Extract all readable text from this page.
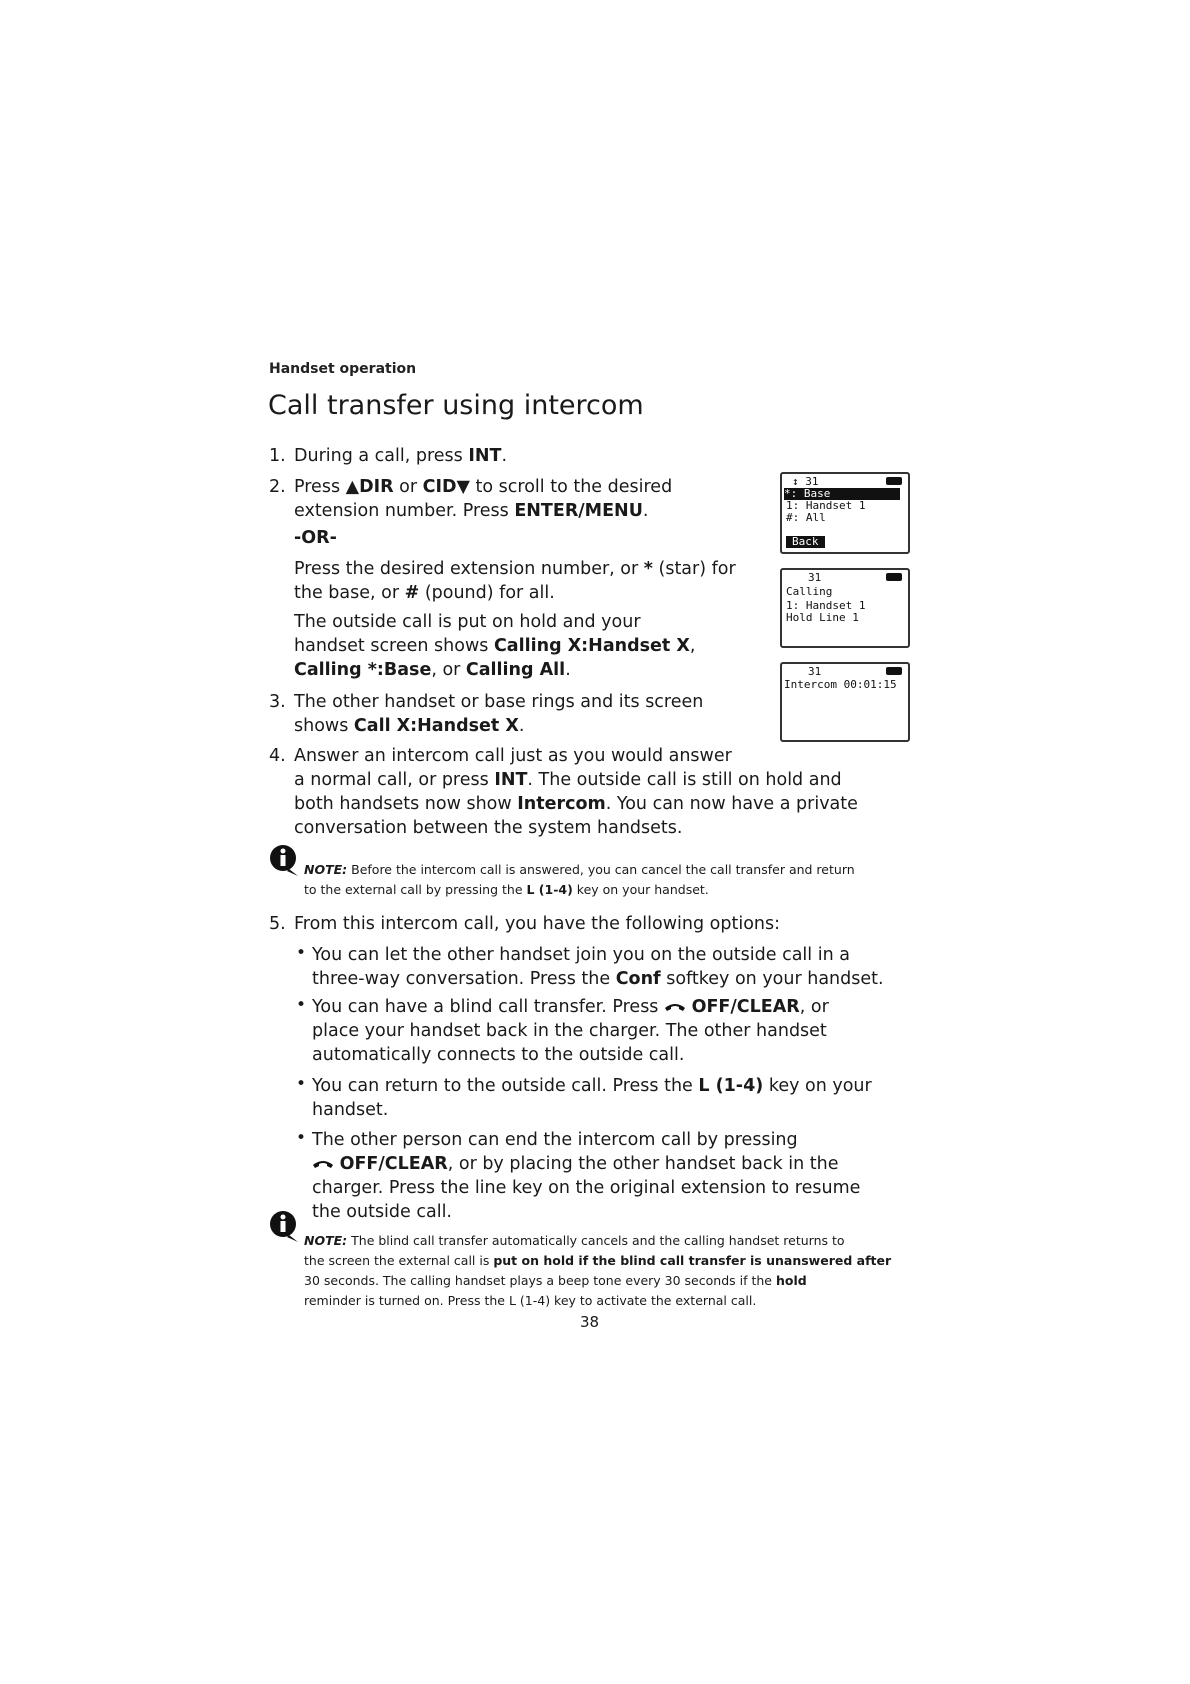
Handset operation
Call transfer using intercom
1. During a call, press INT.
2. Press ▲DIR or CID▼ to scroll to the desired
extension number. Press ENTER/MENU.
-OR-
Press the desired extension number, or * (star) for
the base, or # (pound) for all.
The outside call is put on hold and your
handset screen shows Calling X:Handset X,
Calling *:Base, or Calling All.
3. The other handset or base rings and its screen
shows Call X:Handset X.
4. Answer an intercom call just as you would answer
a normal call, or press INT. The outside call is still on hold and
both handsets now show Intercom. You can now have a private
conversation between the system handsets.
NOTE: Before the intercom call is answered, you can cancel the call transfer and return
to the external call by pressing the L (1-4) key on your handset.
5. From this intercom call, you have the following options:
• You can let the other handset join you on the outside call in a
three-way conversation. Press the Conf softkey on your handset.
• You can have a blind call transfer. Press  OFF/CLEAR, or
place your handset back in the charger. The other handset
automatically connects to the outside call.
• You can return to the outside call. Press the L (1-4) key on your
handset.
• The other person can end the intercom call by pressing
OFF/CLEAR, or by placing the other handset back in the
charger. Press the line key on the original extension to resume
the outside call.
NOTE: The blind call transfer automatically cancels and the calling handset returns to
the screen the external call is put on hold if the blind call transfer is unanswered after
30 seconds. The calling handset plays a beep tone every 30 seconds if the hold
reminder is turned on. Press the L (1-4) key to activate the external call.
↕ 31
*: Base
1: Handset 1
#: All
Back
31
Calling
1: Handset 1
Hold Line 1
31
Intercom 00:01:15
38
